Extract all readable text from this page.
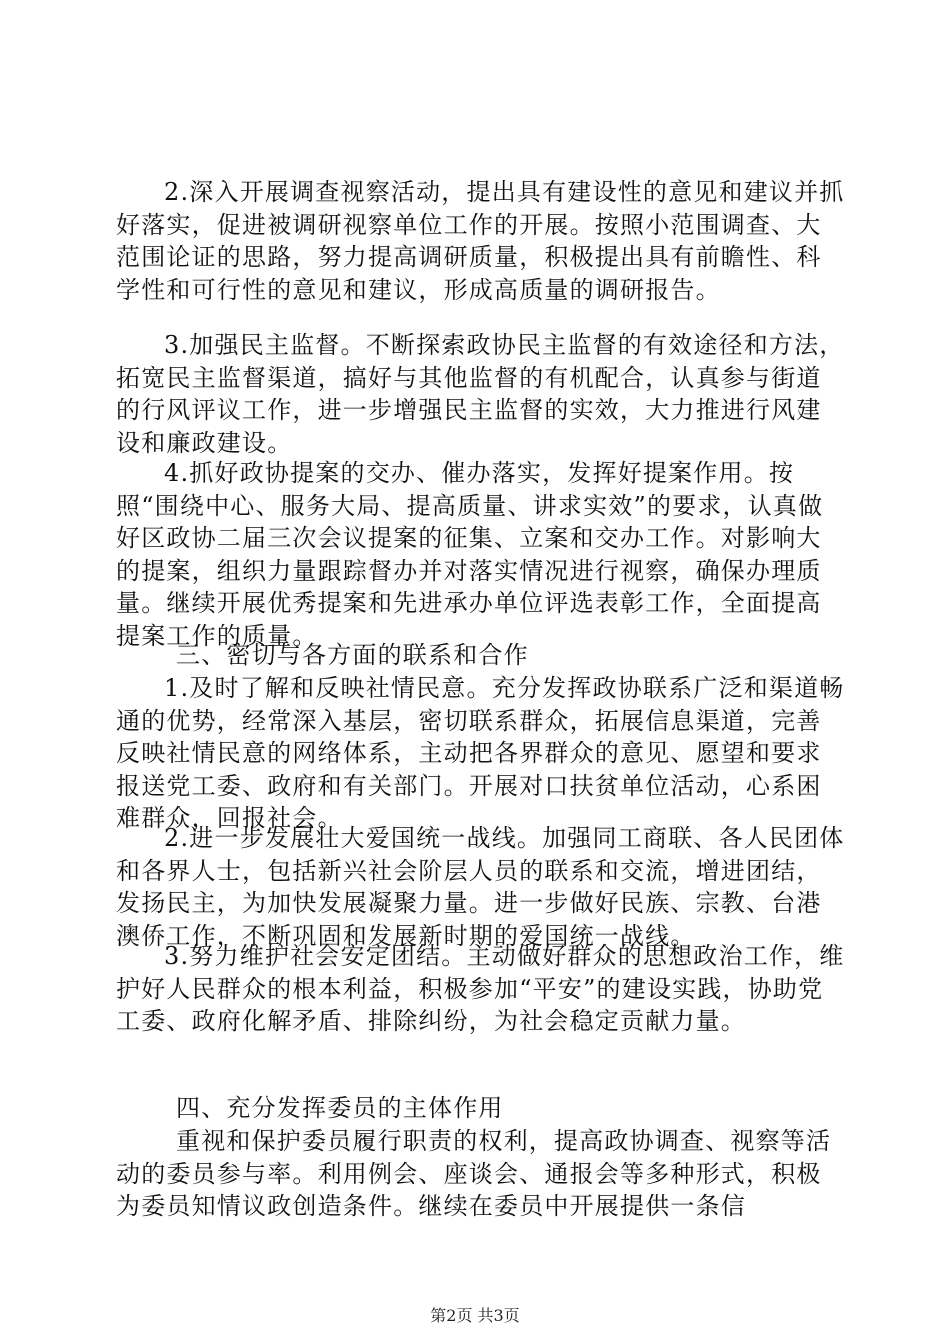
2.深入开展调查视察活动，提出具有建设性的意见和建议并抓好落实，促进被调研视察单位工作的开展。按照小范围调查、大范围论证的思路，努力提高调研质量，积极提出具有前瞻性、科学性和可行性的意见和建议，形成高质量的调研报告。

3.加强民主监督。不断探索政协民主监督的有效途径和方法，拓宽民主监督渠道，搞好与其他监督的有机配合，认真参与街道的行风评议工作，进一步增强民主监督的实效，大力推进行风建设和廉政建设。

4.抓好政协提案的交办、催办落实，发挥好提案作用。按照“围绕中心、服务大局、提高质量、讲求实效”的要求，认真做好区政协二届三次会议提案的征集、立案和交办工作。对影响大的提案，组织力量跟踪督办并对落实情况进行视察，确保办理质量。继续开展优秀提案和先进承办单位评选表彰工作，全面提高提案工作的质量。

三、密切与各方面的联系和合作

1.及时了解和反映社情民意。充分发挥政协联系广泛和渠道畅通的优势，经常深入基层，密切联系群众，拓展信息渠道，完善反映社情民意的网络体系，主动把各界群众的意见、愿望和要求报送党工委、政府和有关部门。开展对口扶贫单位活动，心系困难群众，回报社会。

2.进一步发展壮大爱国统一战线。加强同工商联、各人民团体和各界人士，包括新兴社会阶层人员的联系和交流，增进团结，发扬民主，为加快发展凝聚力量。进一步做好民族、宗教、台港澳侨工作，不断巩固和发展新时期的爱国统一战线。

3.努力维护社会安定团结。主动做好群众的思想政治工作，维护好人民群众的根本利益，积极参加“平安”的建设实践，协助党工委、政府化解矛盾、排除纠纷，为社会稳定贡献力量。

四、充分发挥委员的主体作用

重视和保护委员履行职责的权利，提高政协调查、视察等活动的委员参与率。利用例会、座谈会、通报会等多种形式，积极为委员知情议政创造条件。继续在委员中开展提供一条信

第2页 共3页
